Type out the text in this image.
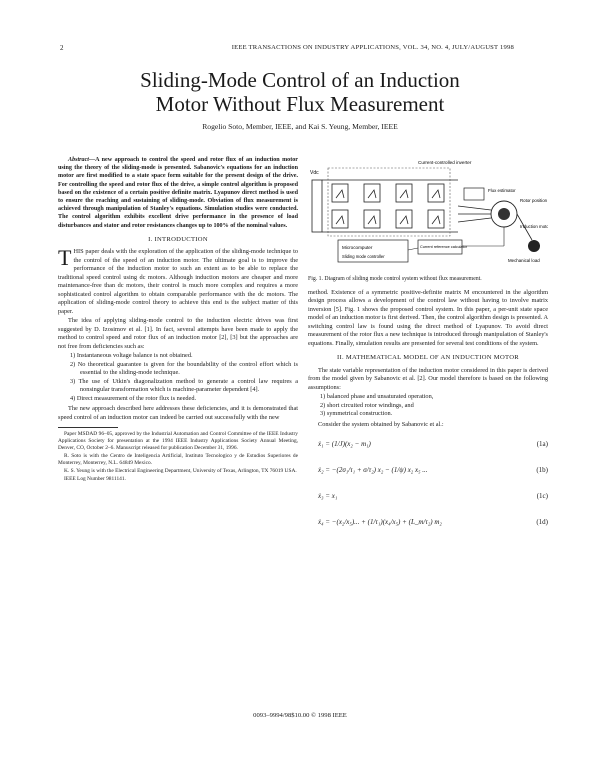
2	IEEE TRANSACTIONS ON INDUSTRY APPLICATIONS, VOL. 34, NO. 4, JULY/AUGUST 1998
Sliding-Mode Control of an Induction
Motor Without Flux Measurement
Rogelio Soto, Member, IEEE, and Kai S. Yeung, Member, IEEE

Abstract—A new approach to control the speed and rotor flux of an induction motor using the theory of the sliding-mode is presented. Sabanovic's equations for an induction motor are first modified to a state space form suitable for the present design of the drive. For controlling the speed and rotor flux of the drive, a simple control algorithm is proposed based on the existence of a certain positive definite matrix. Lyapunov direct method is used to ensure the reaching and sustaining of sliding-mode. Obviation of flux measurement is achieved through manipulation of Stanley's equations. Simulation studies were conducted. The control algorithm exhibits excellent drive performance in the presence of load disturbances and stator and rotor resistances changes up to 100% of the nominal values.

I. INTRODUCTION

THIS paper deals with the exploration of the application of the sliding-mode technique to the control of the speed of an induction motor. The ultimate goal is to improve the performance of the induction motor to such an extent as to be able to replace the traditional speed control using dc motors. Although induction motors are cheaper and more maintenance-free than dc motors, their control is much more complex and requires a more sophisticated control algorithm to obtain comparable performance with the dc motors. The application of sliding-mode control theory to achieve this end is the subject matter of this paper.

The idea of applying sliding-mode control to the induction electric drives was first suggested by D. Izosimov et al. [1]. In fact, several attempts have been made to apply the method to control speed and rotor flux of an induction motor [2], [3] but the approaches are not free from deficiencies such as:

1) Instantaneous voltage balance is not obtained.
2) No theoretical guarantee is given for the boundability of the control effort which is essential to the sliding-mode technique.
3) The use of Utkin's diagonalization method to generate a control law requires a nonsingular transformation which is machine-parameter dependent [4].
4) Direct measurement of the rotor flux is needed.

The new approach described here addresses these deficiencies, and it is demonstrated that speed control of an induction motor can indeed be carried out successfully with the new

Paper MSDAD 96–05, approved by the Industrial Automation and Control Committee of the IEEE Industry Applications Society for presentation at the 1994 IEEE Industry Applications Society Annual Meeting, Denver, CO, October 2–6. Manuscript released for publication December 31, 1996.

R. Soto is with the Centro de Inteligencia Artificial, Instituto Tecnologico y de Estudios Superiores de Monterrey, Monterrey, N.L. 64849 Mexico.

K. S. Yeung is with the Electrical Engineering Department, University of Texas, Arlington, TX 76019 USA.

IEEE Log Number 9811141.

Vdc
Current-controlled inverter
Flux estimator
Rotor position
Induction motor
Mechanical load
Microcomputer
Sliding mode controller
Current reference calculator
Fig. 1. Diagram of sliding mode control system without flux measurement.

method. Existence of a symmetric positive-definite matrix M encountered in the algorithm design process allows a development of the control law without having to involve matrix inversion [5]. Fig. 1 shows the proposed control system. In this paper, a per-unit state space model of an induction motor is first derived. Then, the control algorithm design is presented. A switching control law is found using the direct method of Lyapunov. To avoid direct measurement of the rotor flux a new technique is introduced through manipulation of Stanley's equations. Finally, simulation results are presented for several test conditions of the system.

II. MATHEMATICAL MODEL OF AN INDUCTION MOTOR

The state variable representation of the induction motor considered in this paper is derived from the model given by Sabanovic et al. [2]. Our model therefore is based on the following assumptions:

1) balanced phase and unsaturated operation,
2) short circuited rotor windings, and
3) symmetrical construction.

Consider the system obtained by Sabanovic et al.:

ẋ₁ = (1/J)(x₂ − m₁)	(1a)
ẋ₂ = −(2σ₁/τ₁ + σ/τ₂) x₂ − (1/ψ) x₂ x₅ ...	(1b)
ẋ₃ = x₁	(1c)
ẋ₄ = −(x₂/x₅)... + (1/τ₁)(x₄/x₅) + (L_m/τ₂) m₂	(1d)
0093–9994/98$10.00 © 1998 IEEE
